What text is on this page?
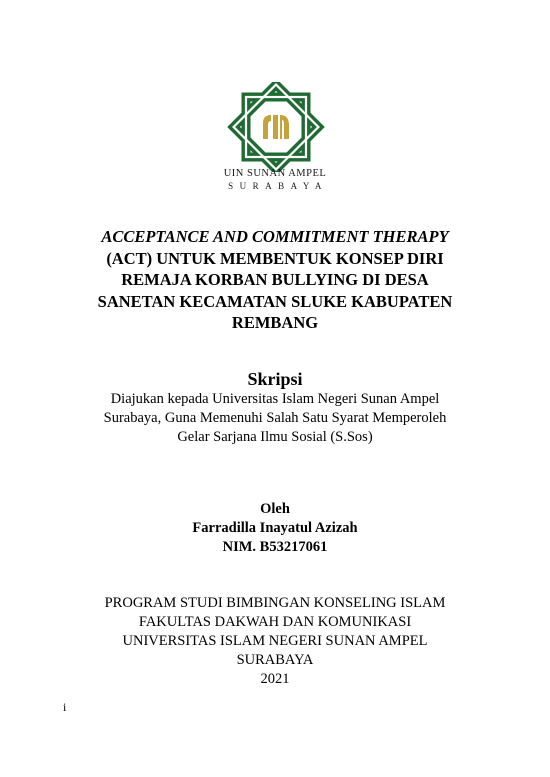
UIN SUNAN AMPEL
SURABAYA
ACCEPTANCE AND COMMITMENT THERAPY
(ACT) UNTUK MEMBENTUK KONSEP DIRI
REMAJA KORBAN BULLYING DI DESA
SANETAN KECAMATAN SLUKE KABUPATEN
REMBANG
Skripsi
Diajukan kepada Universitas Islam Negeri Sunan Ampel
Surabaya, Guna Memenuhi Salah Satu Syarat Memperoleh
Gelar Sarjana Ilmu Sosial (S.Sos)
Oleh
Farradilla Inayatul Azizah
NIM. B53217061
PROGRAM STUDI BIMBINGAN KONSELING ISLAM
FAKULTAS DAKWAH DAN KOMUNIKASI
UNIVERSITAS ISLAM NEGERI SUNAN AMPEL
SURABAYA
2021
i
